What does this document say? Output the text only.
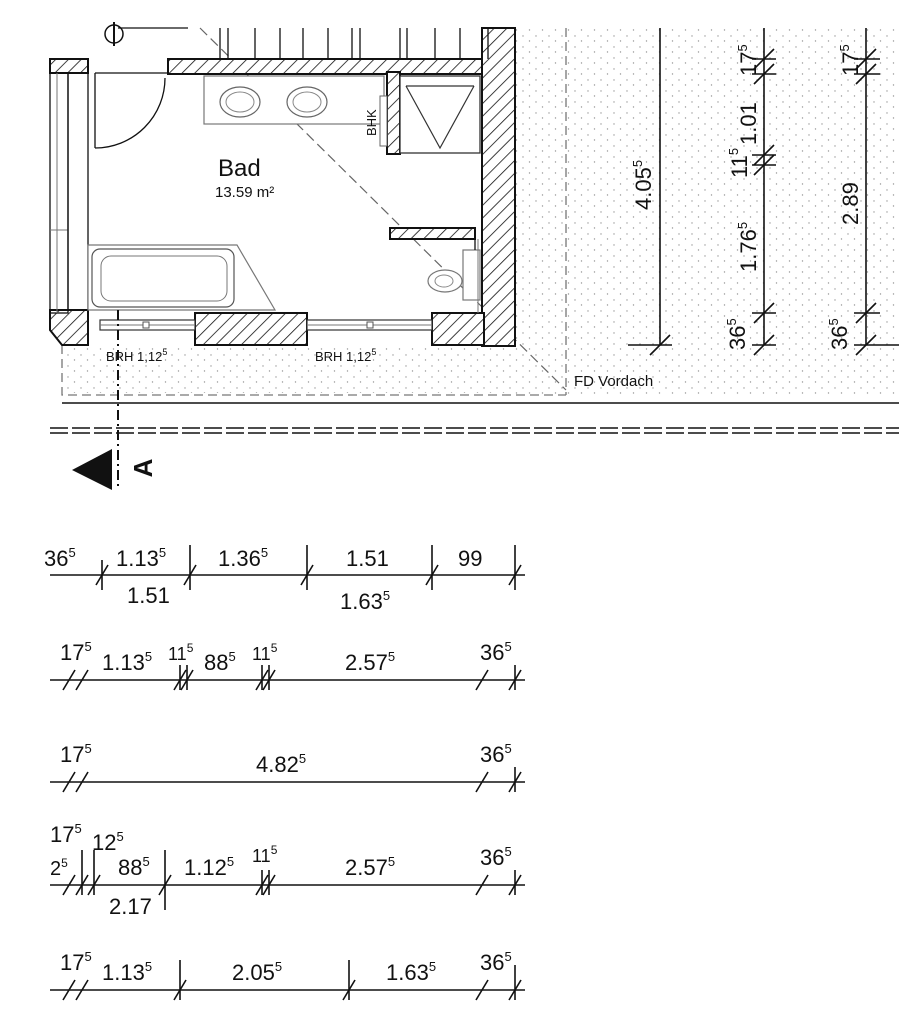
Bad
13.59 m²
BHK
BRH 1,12$^5$	BRH 1,12$^5$
FD Vordach
A
4.05$^5$
$17^5$
1.01
$11^5$
1.76$^5$
$36^5$
$17^5$
2.89
$36^5$
$36^5$ 1.13$^5$ 1.36$^5$	1.51	99
1.51	1.63$^5$
$17^5$
1.13$^5$ $11^5$
$88^5$ $11^5$
2.57$^5$	$36^5$
$17^5$
4.82$^5$	$36^5$
$17^5$
$12^5$
$2^5$ $88^5$ 1.12$^5$ $11^5$
2.57$^5$	$36^5$
2.17
$17^5$
1.13$^5$	2.05$^5$	1.63$^5$ $36^5$
